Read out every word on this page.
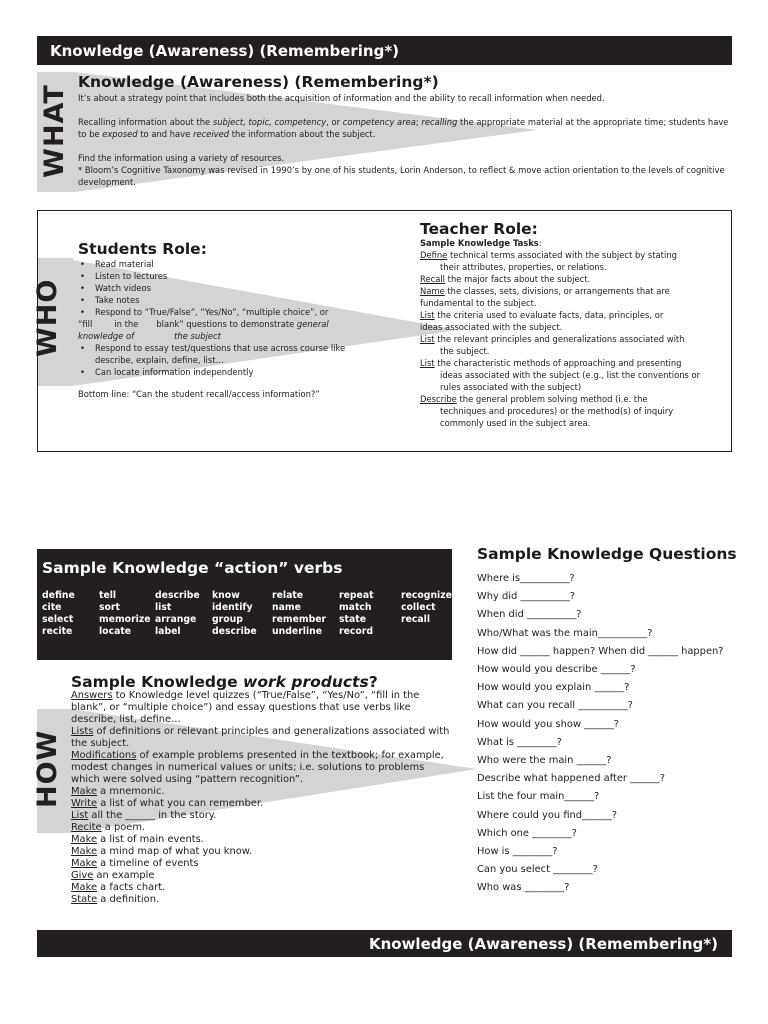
Knowledge (Awareness) (Remembering*)
WHAT
Knowledge (Awareness) (Remembering*)

It’s about a strategy point that includes both the acquisition of information and the ability to recall information when needed.

Recalling information about the subject, topic, competency, or competency area; recalling the appropriate material at the appropriate time; students have to be exposed to and have received the information about the subject.

Find the information using a variety of resources.

* Bloom’s Cognitive Taxonomy was revised in 1990’s by one of his students, Lorin Anderson, to reflect & move action orientation to the levels of cognitive development.

WHO
Students Role:
• Read material
• Listen to lectures
• Watch videos
• Take notes
• Respond to “True/False”, “Yes/No”, “multiple choice”, or

“fill	in the blank” questions to demonstrate general

knowledge of	the subject

• Respond to essay test/questions that use across course like describe, explain, define, list…
• Can locate information independently

Bottom line: “Can the student recall/access information?”

Teacher Role:

Sample Knowledge Tasks:

Define technical terms associated with the subject by stating
their attributes, properties, or relations.
Recall the major facts about the subject.
Name the classes, sets, divisions, or arrangements that are
fundamental to the subject.
List the criteria used to evaluate facts, data, principles, or
ideas associated with the subject.
List the relevant principles and generalizations associated with
the subject.
List the characteristic methods of approaching and presenting
ideas associated with the subject (e.g., list the conventions or rules associated with the subject)
Describe the general problem solving method (i.e. the
techniques and procedures) or the method(s) of inquiry commonly used in the subject area.
Sample Knowledge “action” verbs
define	tell	describe	know	relate	repeat	recognize
cite	sort	list	identify	name	match	collect
select	memorize arrange	group	remember	state	recall
recite	locate	label	describe	underline	record
HOW
Sample Knowledge work products?
Answers to Knowledge level quizzes (“True/False”, “Yes/No”, “fill in the blank”, or “multiple choice”) and essay questions that use verbs like describe, list, define…
Lists of definitions or relevant principles and generalizations associated with the subject.
Modifications of example problems presented in the textbook; for example, modest changes in numerical values or units; i.e. solutions to problems which were solved using “pattern recognition”.
Make a mnemonic.
Write a list of what you can remember.
List all the ______ in the story.
Recite a poem.
Make a list of main events.
Make a mind map of what you know.
Make a timeline of events
Give an example
Make a facts chart.
State a definition.
Sample Knowledge Questions
Where is__________?
Why did __________?
When did __________?
Who/What was the main__________?
How did ______ happen? When did ______ happen?
How would you describe ______?
How would you explain ______?
What can you recall __________?
How would you show ______?
What is ________?
Who were the main ______?
Describe what happened after ______?
List the four main______?
Where could you find______?
Which one ________?
How is ________?
Can you select ________?
Who was ________?
Knowledge (Awareness) (Remembering*)
